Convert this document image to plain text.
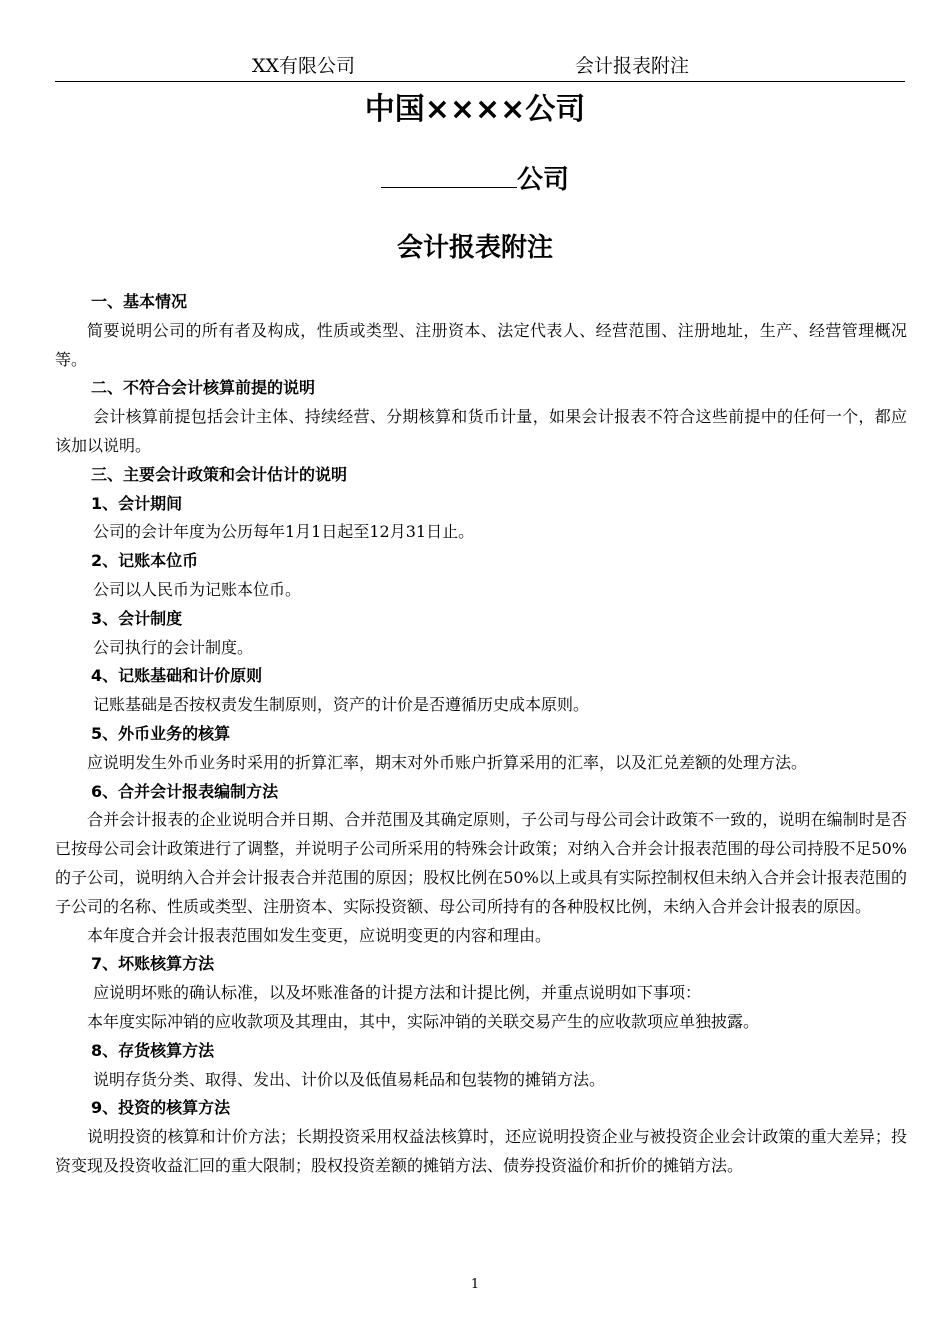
XX有限公司	会计报表附注
中国××××公司
公司
会计报表附注

一、基本情况

简要说明公司的所有者及构成，性质或类型、注册资本、法定代表人、经营范围、注册地址，生产、经营管理概况等。

二、不符合会计核算前提的说明

会计核算前提包括会计主体、持续经营、分期核算和货币计量，如果会计报表不符合这些前提中的任何一个，都应该加以说明。

三、主要会计政策和会计估计的说明

1、会计期间

公司的会计年度为公历每年1月1日起至12月31日止。

2、记账本位币

公司以人民币为记账本位币。

3、会计制度

公司执行的会计制度。

4、记账基础和计价原则

记账基础是否按权责发生制原则，资产的计价是否遵循历史成本原则。

5、外币业务的核算

应说明发生外币业务时采用的折算汇率，期末对外币账户折算采用的汇率，以及汇兑差额的处理方法。

6、合并会计报表编制方法

合并会计报表的企业说明合并日期、合并范围及其确定原则，子公司与母公司会计政策不一致的，说明在编制时是否已按母公司会计政策进行了调整，并说明子公司所采用的特殊会计政策；对纳入合并会计报表范围的母公司持股不足50%的子公司，说明纳入合并会计报表合并范围的原因；股权比例在50%以上或具有实际控制权但未纳入合并会计报表范围的子公司的名称、性质或类型、注册资本、实际投资额、母公司所持有的各种股权比例，未纳入合并会计报表的原因。

本年度合并会计报表范围如发生变更，应说明变更的内容和理由。

7、坏账核算方法

应说明坏账的确认标准，以及坏账准备的计提方法和计提比例，并重点说明如下事项：

本年度实际冲销的应收款项及其理由，其中，实际冲销的关联交易产生的应收款项应单独披露。

8、存货核算方法

说明存货分类、取得、发出、计价以及低值易耗品和包装物的摊销方法。

9、投资的核算方法

说明投资的核算和计价方法；长期投资采用权益法核算时，还应说明投资企业与被投资企业会计政策的重大差异；投资变现及投资收益汇回的重大限制；股权投资差额的摊销方法、债券投资溢价和折价的摊销方法。

1
